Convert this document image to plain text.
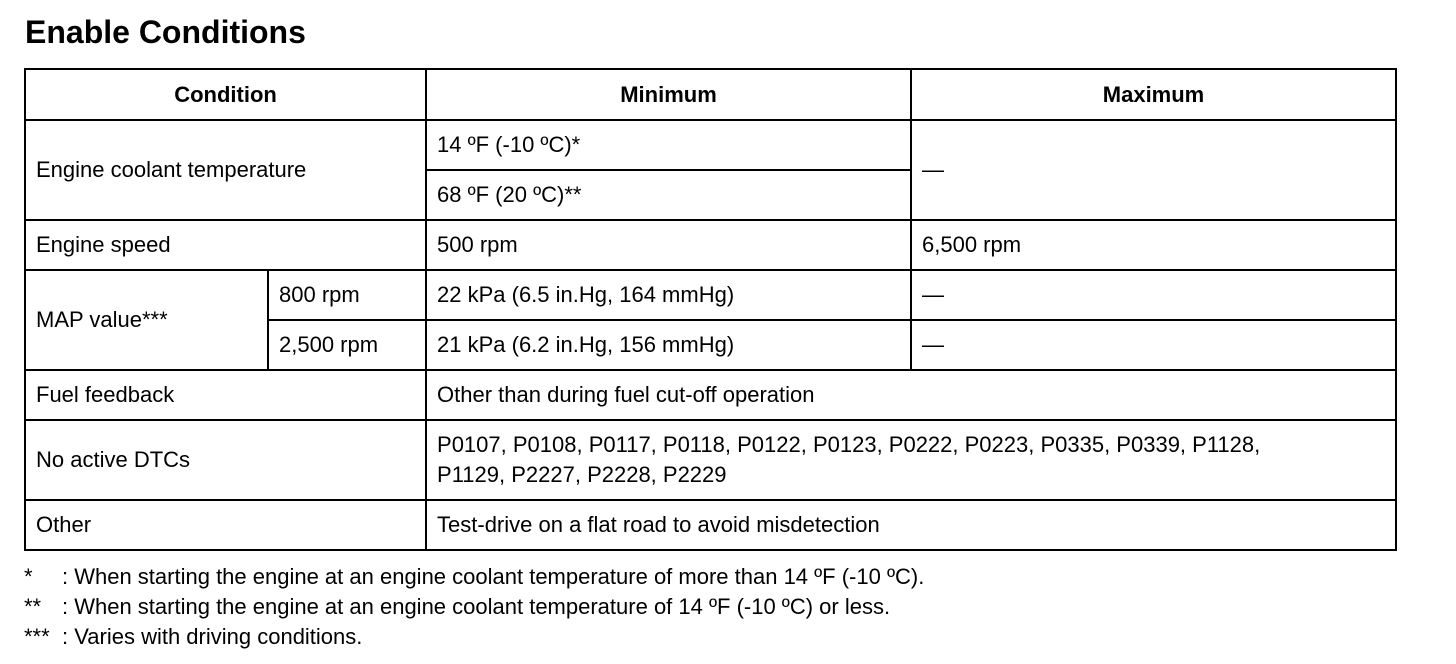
Enable Conditions
Condition		Minimum	Maximum
Engine coolant temperature		14 ºF (-10 ºC)*	—
		68 ºF (20 ºC)**	
Engine speed		500 rpm	6,500 rpm
MAP value***	800 rpm	22 kPa (6.5 in.Hg, 164 mmHg)	—
	2,500 rpm	21 kPa (6.2 in.Hg, 156 mmHg)	—
Fuel feedback		Other than during fuel cut-off operation	
No active DTCs		P0107, P0108, P0117, P0118, P0122, P0123, P0222, P0223, P0335, P0339, P1128,
P1129, P2227, P2228, P2229	

Other		Test-drive on a flat road to avoid misdetection	
*	: When starting the engine at an engine coolant temperature of more than 14 ºF (-10 ºC).
** : When starting the engine at an engine coolant temperature of 14 ºF (-10 ºC) or less.
*** : Varies with driving conditions.
